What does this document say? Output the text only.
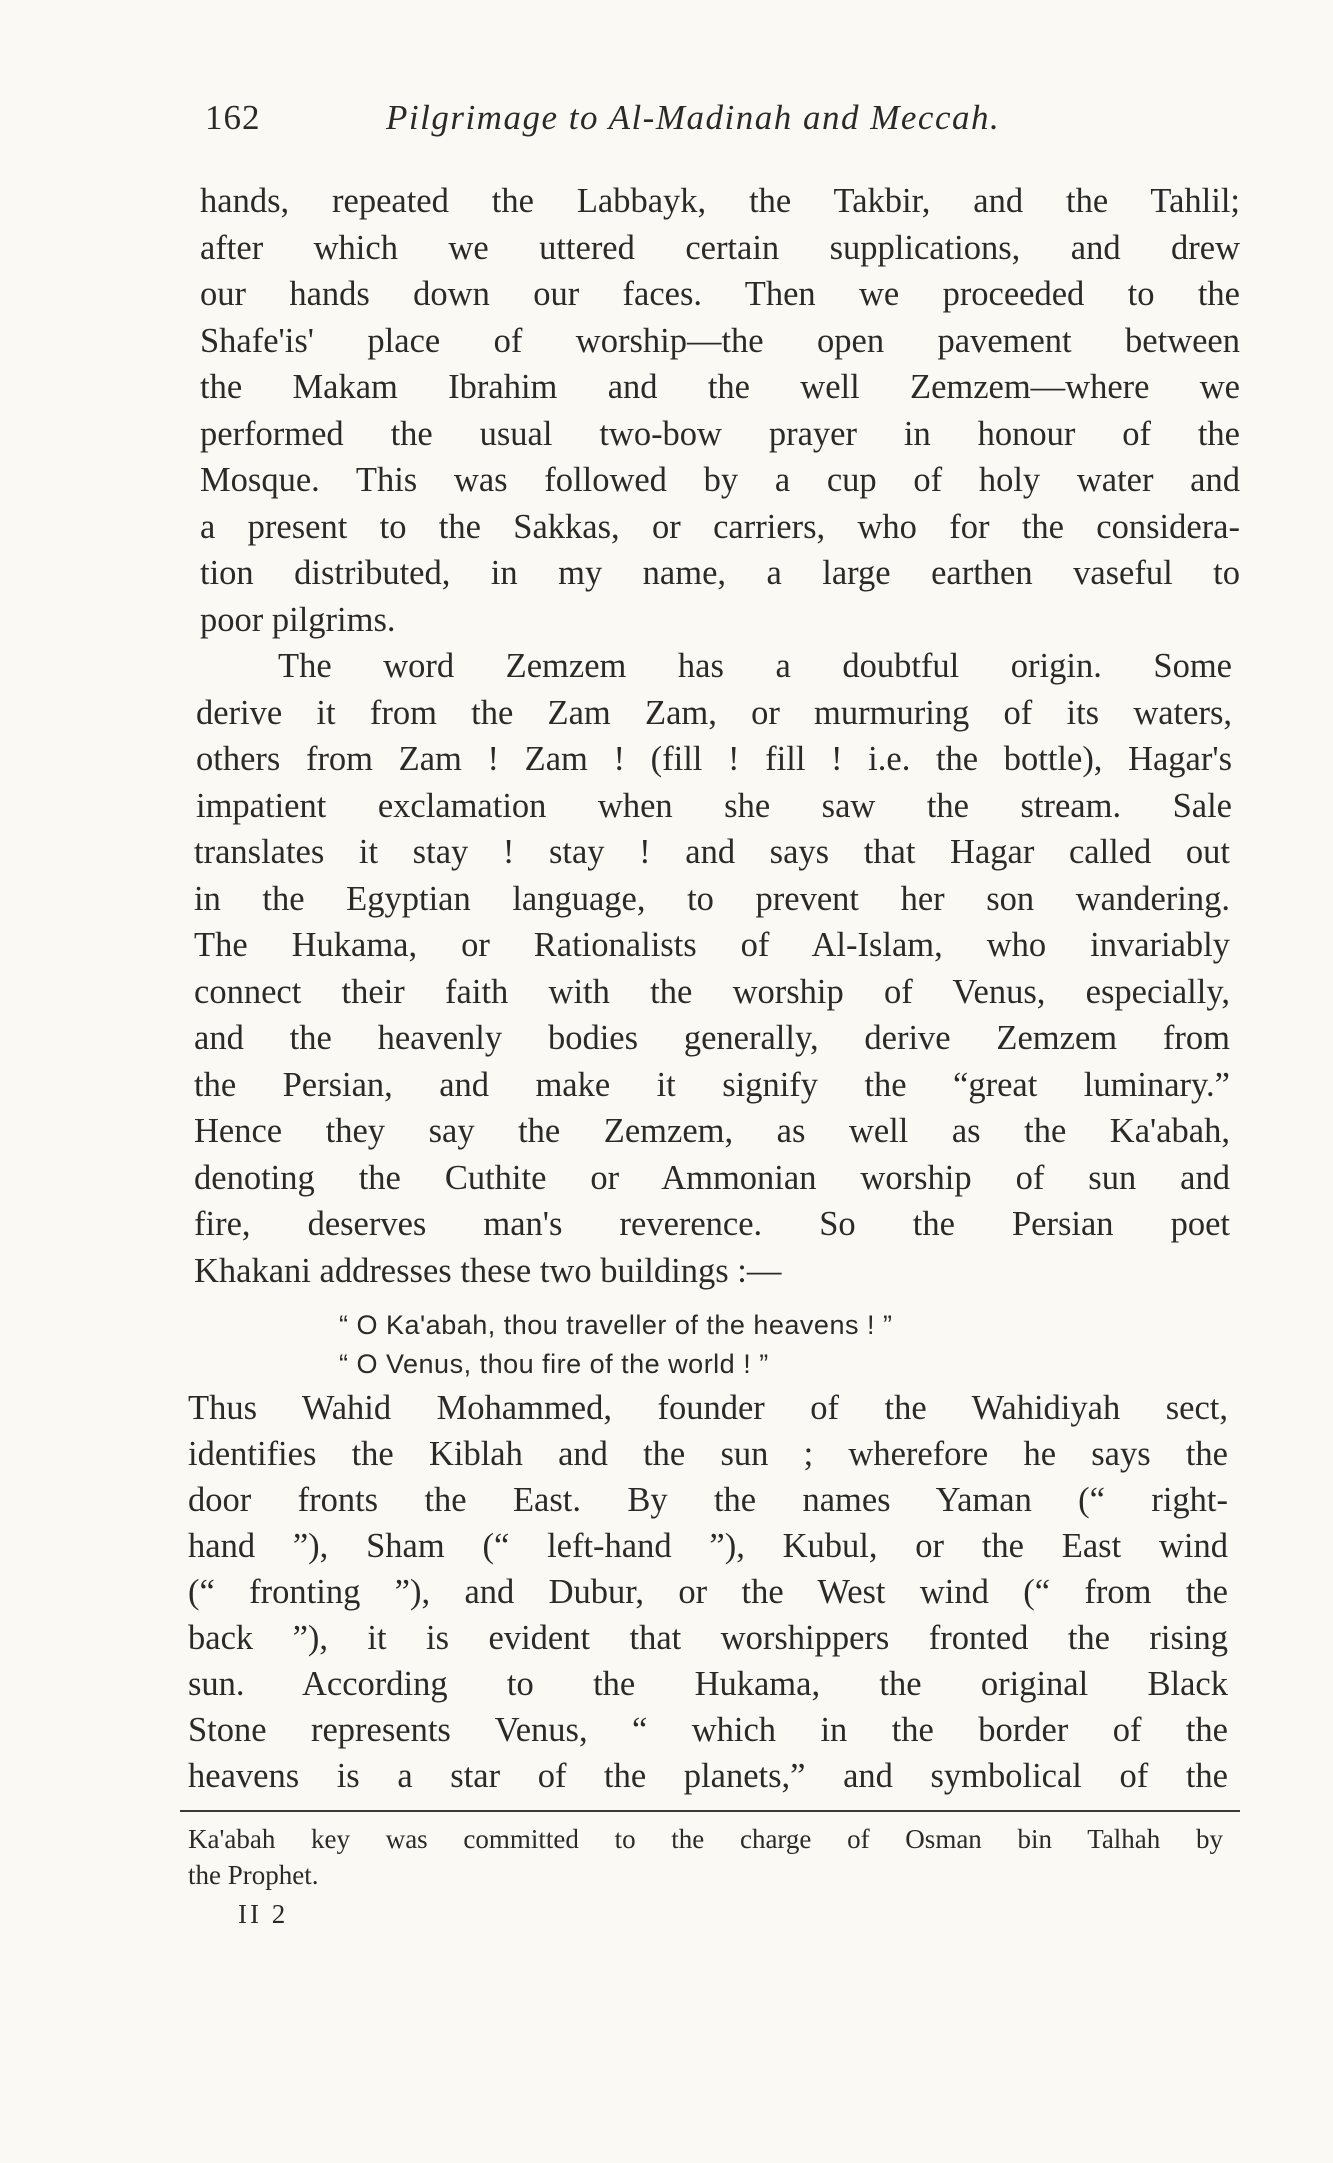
162	Pilgrimage to Al-Madinah and Meccah.
hands, repeated the Labbayk, the Takbir, and the Tahlil;
after which we uttered certain supplications, and drew
our hands down our faces. Then we proceeded to the
Shafe'is' place of worship—the open pavement between
the Makam Ibrahim and the well Zemzem—where we
performed the usual two-bow prayer in honour of the
Mosque. This was followed by a cup of holy water and
a present to the Sakkas, or carriers, who for the considera-
tion distributed, in my name, a large earthen vaseful to
poor pilgrims.
The word Zemzem has a doubtful origin. Some
derive it from the Zam Zam, or murmuring of its waters,
others from Zam ! Zam ! (fill ! fill ! i.e. the bottle), Hagar's
impatient exclamation when she saw the stream. Sale
translates it stay ! stay ! and says that Hagar called out
in the Egyptian language, to prevent her son wandering.
The Hukama, or Rationalists of Al-Islam, who invariably
connect their faith with the worship of Venus, especially,
and the heavenly bodies generally, derive Zemzem from
the Persian, and make it signify the “great luminary.”
Hence they say the Zemzem, as well as the Ka'abah,
denoting the Cuthite or Ammonian worship of sun and
fire, deserves man's reverence. So the Persian poet
Khakani addresses these two buildings :—
“ O Ka'abah, thou traveller of the heavens ! ”
“ O Venus, thou fire of the world ! ”
Thus Wahid Mohammed, founder of the Wahidiyah sect,
identifies the Kiblah and the sun ; wherefore he says the
door fronts the East. By the names Yaman (“ right-
hand ”), Sham (“ left-hand ”), Kubul, or the East wind
(“ fronting ”), and Dubur, or the West wind (“ from the
back ”), it is evident that worshippers fronted the rising
sun. According to the Hukama, the original Black
Stone represents Venus, “ which in the border of the
heavens is a star of the planets,” and symbolical of the
Ka'abah key was committed to the charge of Osman bin Talhah by
the Prophet.
II 2
